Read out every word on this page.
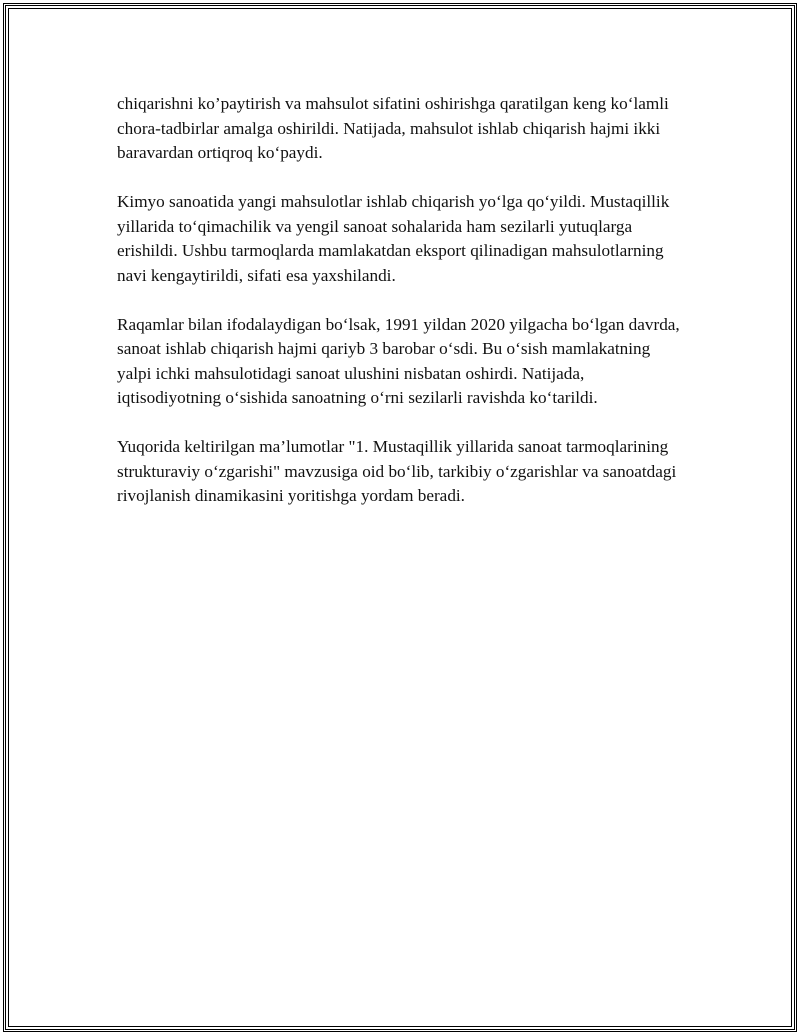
chiqarishni ko’paytirish va mahsulot sifatini oshirishga qaratilgan keng ko‘lamli chora-tadbirlar amalga oshirildi. Natijada, mahsulot ishlab chiqarish hajmi ikki baravardan ortiqroq ko‘paydi.

Kimyo sanoatida yangi mahsulotlar ishlab chiqarish yo‘lga qo‘yildi. Mustaqillik yillarida to‘qimachilik va yengil sanoat sohalarida ham sezilarli yutuqlarga erishildi. Ushbu tarmoqlarda mamlakatdan eksport qilinadigan mahsulotlarning navi kengaytirildi, sifati esa yaxshilandi.

Raqamlar bilan ifodalaydigan bo‘lsak, 1991 yildan 2020 yilgacha bo‘lgan davrda, sanoat ishlab chiqarish hajmi qariyb 3 barobar o‘sdi. Bu o‘sish mamlakatning yalpi ichki mahsulotidagi sanoat ulushini nisbatan oshirdi. Natijada, iqtisodiyotning o‘sishida sanoatning o‘rni sezilarli ravishda ko‘tarildi.

Yuqorida keltirilgan ma’lumotlar "1. Mustaqillik yillarida sanoat tarmoqlarining strukturaviy o‘zgarishi" mavzusiga oid bo‘lib, tarkibiy o‘zgarishlar va sanoatdagi rivojlanish dinamikasini yoritishga yordam beradi.
